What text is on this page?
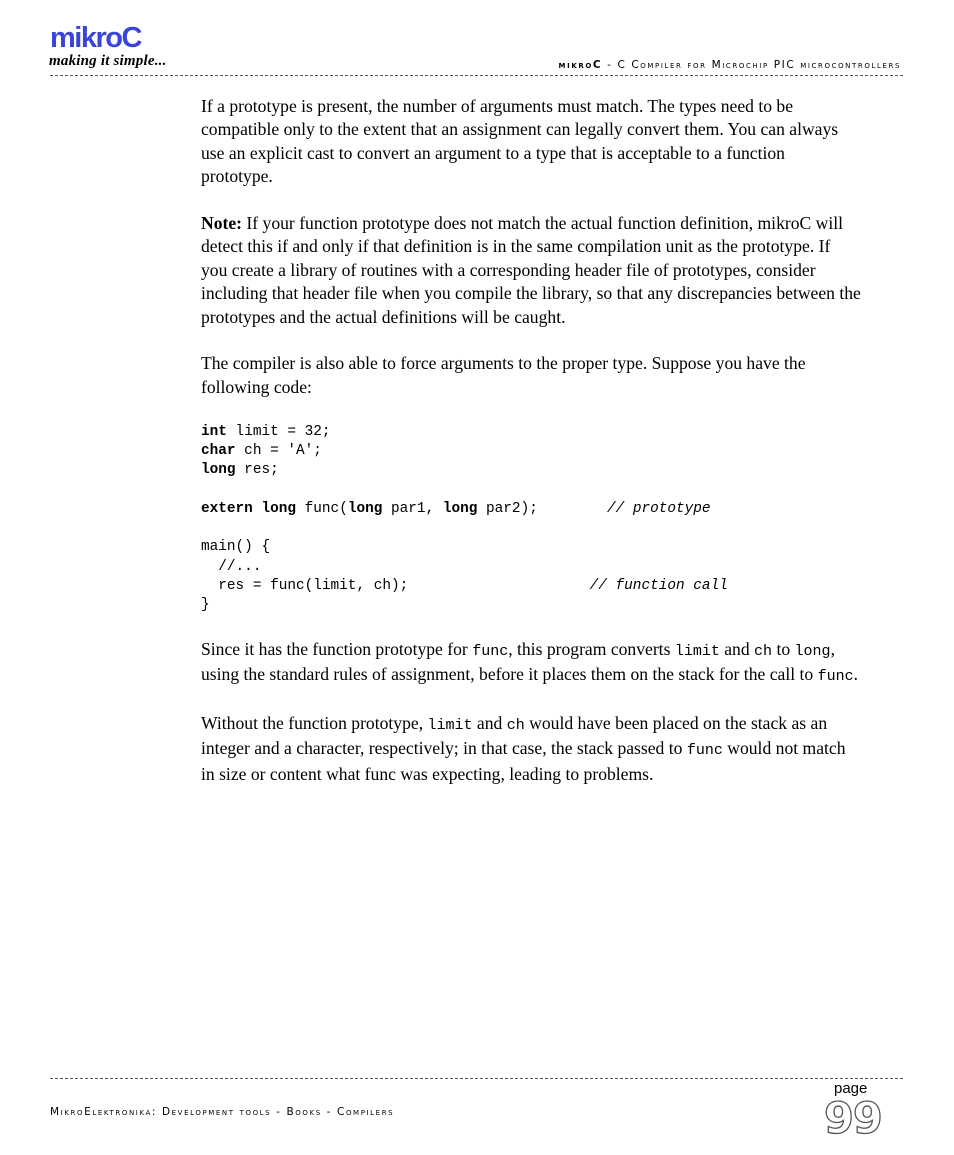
mikroC
making it simple...	mikroC - C Compiler for Microchip PIC microcontrollers

If a prototype is present, the number of arguments must match. The types need to be compatible only to the extent that an assignment can legally convert them. You can always use an explicit cast to convert an argument to a type that is acceptable to a function prototype.

Note: If your function prototype does not match the actual function definition, mikroC will detect this if and only if that definition is in the same compilation unit as the prototype. If you create a library of routines with a corresponding header file of prototypes, consider including that header file when you compile the library, so that any discrepancies between the prototypes and the actual definitions will be caught.

The compiler is also able to force arguments to the proper type. Suppose you have the following code:

int limit = 32;
char ch = 'A';
long res;

extern long func(long par1, long par2);        // prototype

main() {
//...
res = func(limit, ch);                     // function call
}

Since it has the function prototype for func, this program converts limit and ch to long, using the standard rules of assignment, before it places them on the stack for the call to func.

Without the function prototype, limit and ch would have been placed on the stack as an integer and a character, respectively; in that case, the stack passed to func would not match in size or content what func was expecting, leading to problems.

page
MikroElektronika: Development tools - Books - Compilers	99
